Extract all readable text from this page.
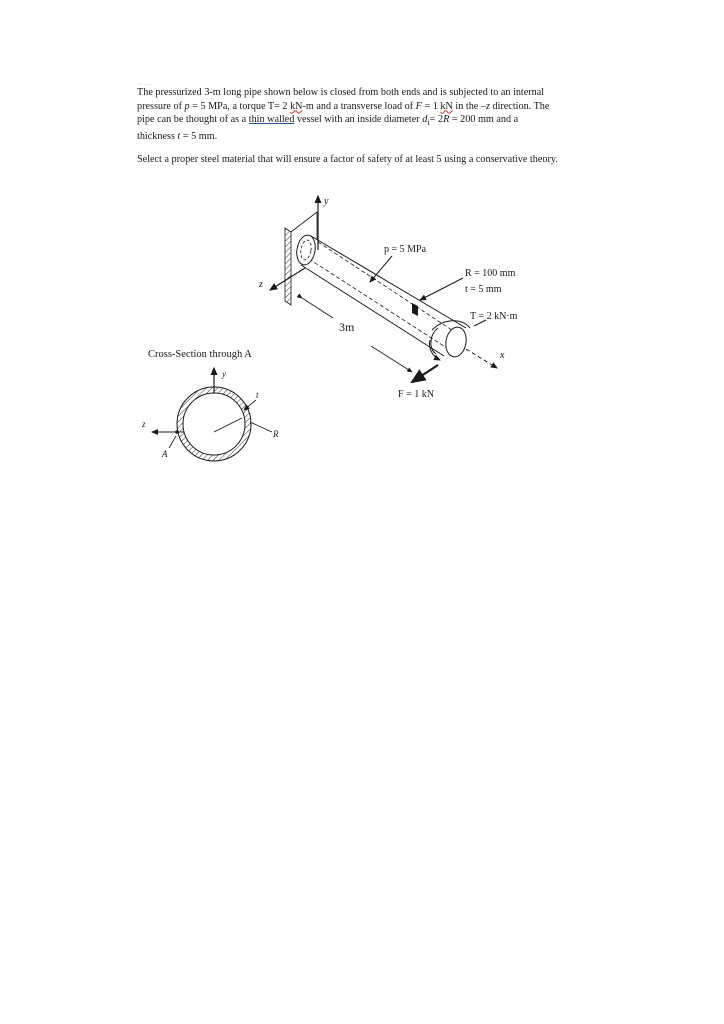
·····

The pressurized 3-m long pipe shown below is closed from both ends and is subjected to an internal
pressure of p = 5 MPa, a torque T= 2 kN-m and a transverse load of F = 1 kN in the –z direction. The
pipe can be thought of as a thin walled vessel with an inside diameter $d_i= 2R = 200$ mm and a
thickness t = 5 mm.

Select a proper steel material that will ensure a factor of safety of at least 5 using a conservative theory.

y
z
x
p = 5 MPa
R = 100 mm
t = 5 mm
T = 2 kN·m
3m
F = 1 kN
Cross-Section through A
y
z
t
R
A
